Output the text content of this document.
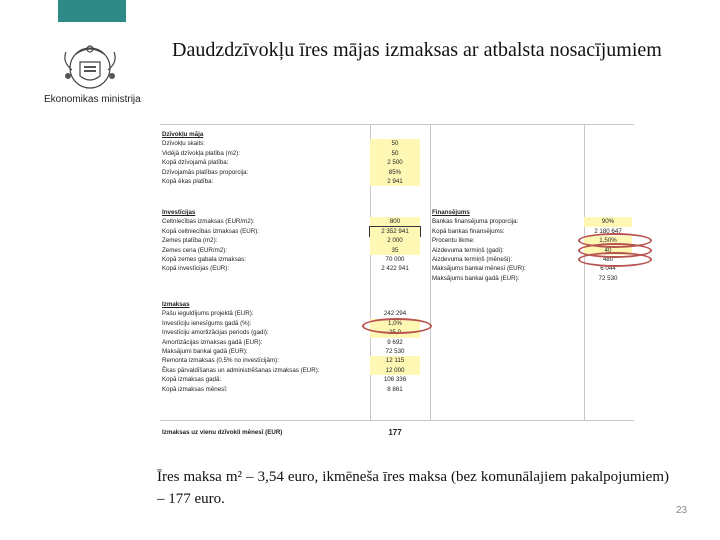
Ekonomikas ministrija
Daudzdzīvokļu īres mājas izmaksas ar atbalsta nosacījumiem
Dzīvokļu māja
Dzīvokļu skaits:	50
Vidējā dzīvokļa platība (m2):	50
Kopā dzīvojamā platība:	2 500
Dzīvojamās platības proporcija:	85%
Kopā ēkas platība:	2 941
Investīcijas
Celtniecības izmaksas (EUR/m2):	800
Kopā celtniecības izmaksas (EUR):	2 352 941
Zemes platība (m2):	2 000
Zemes cena (EUR/m2):	35
Kopā zemes gabala izmaksas:	70 000
Kopā investīcijas (EUR):	2 422 941
Finansējums
Bankas finansējuma proporcija:	90%
Kopā bankas finansējums:	2 180 647
Procentu likme:	1,50%
Aizdevuma termiņš (gadi):	40
Aizdevuma termiņš (mēneši):	480
Maksājums bankai mēnesī (EUR):	6 044
Maksājums bankai gadā (EUR):	72 530
Izmaksas
Pašu ieguldījums projektā (EUR):	242 294
Investīciju ienesīgums gadā (%):	1,0%
Investīciju amortizācijas periods (gadi):	25,0
Amortizācijas izmaksas gadā (EUR):	9 692
Maksājumi bankai gadā (EUR):	72 530
Remonta izmaksas (0,5% no investīcijām):	12 115
Ēkas pārvaldīšanas un administrēšanas izmaksas (EUR):	12 000
Kopā izmaksas gadā:	106 336
Kopā izmaksas mēnesī:	8 861
Izmaksas uz vienu dzīvokli mēnesī (EUR)	177
Īres maksa m² – 3,54 euro, ikmēneša īres maksa (bez komunālajiem pakalpojumiem) – 177 euro.
23
